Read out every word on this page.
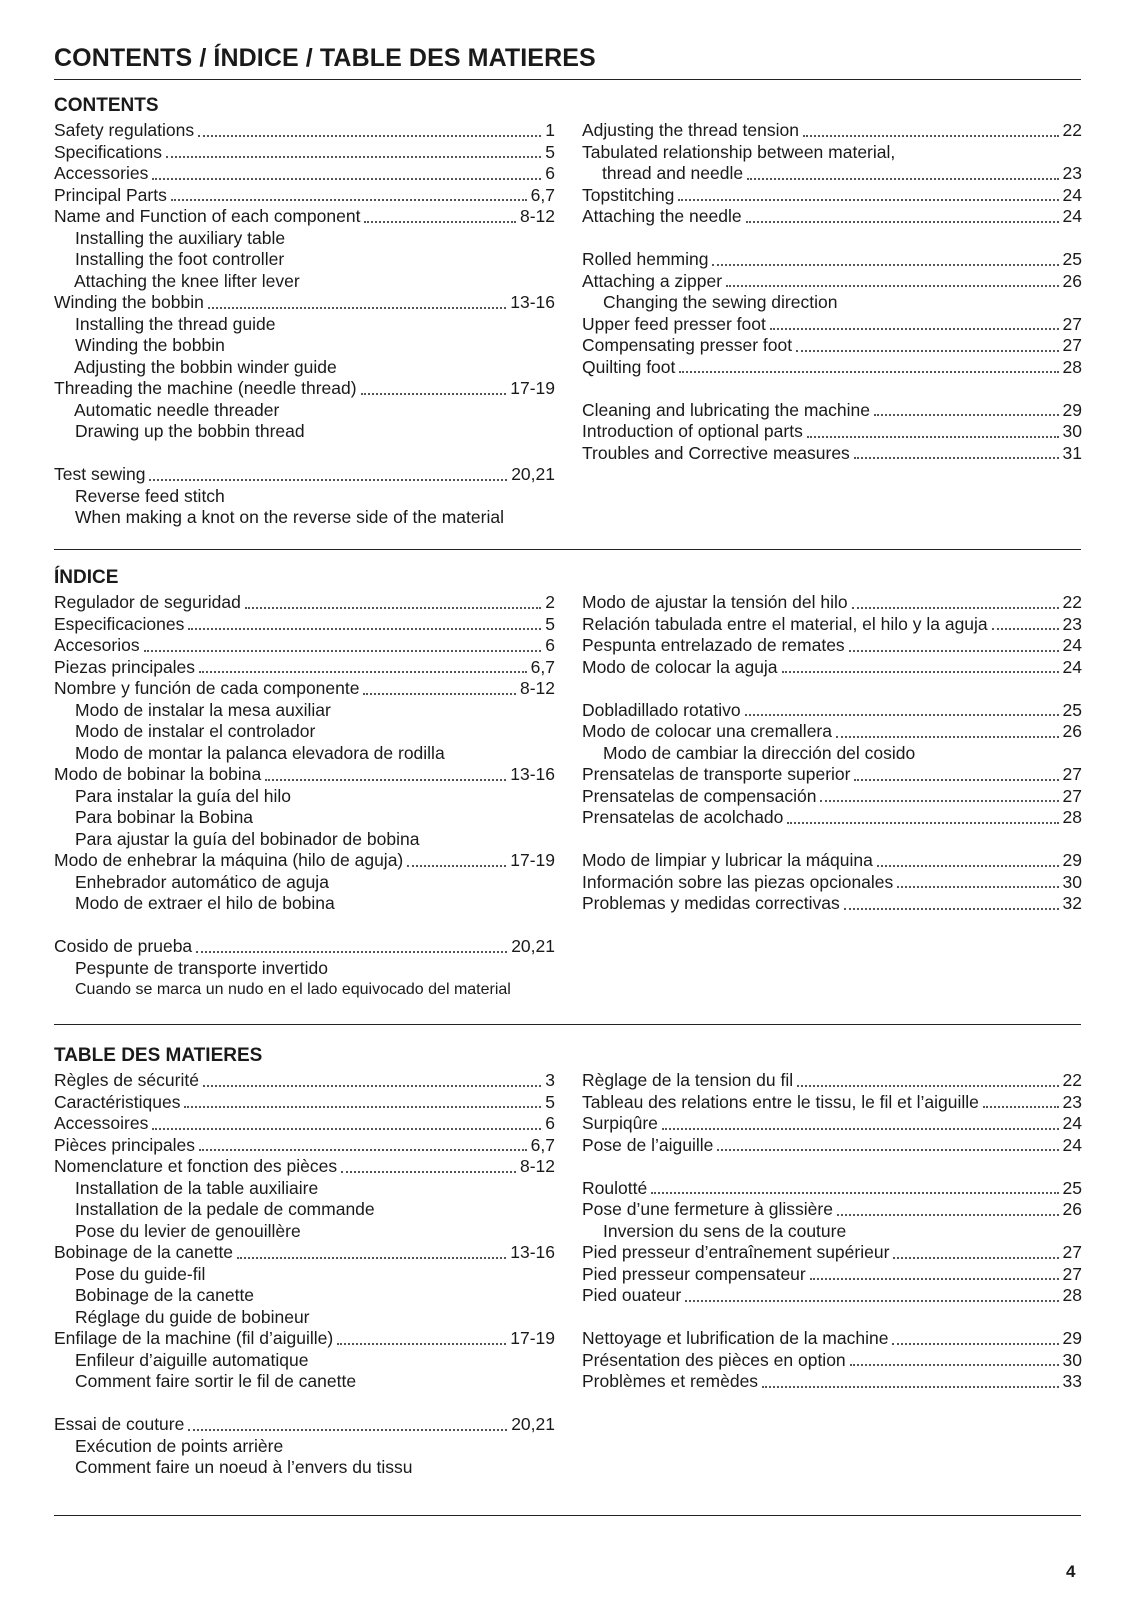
CONTENTS / ÍNDICE / TABLE DES MATIERES
CONTENTS
Safety regulations	1
Specifications	5
Accessories	6
Principal Parts	6,7
Name and Function of each component	8-12
Installing the auxiliary table
Installing the foot controller
Attaching the knee lifter lever
Winding the bobbin	13-16
Installing the thread guide
Winding the bobbin
Adjusting the bobbin winder guide
Threading the machine (needle thread)	17-19
Automatic needle threader
Drawing up the bobbin thread
Test sewing	20,21
Reverse feed stitch
When making a knot on the reverse side of the material
Adjusting the thread tension	22
Tabulated relationship between material,
thread and needle	23
Topstitching	24
Attaching the needle	24
Rolled hemming	25
Attaching a zipper	26
Changing the sewing direction
Upper feed presser foot	27
Compensating presser foot	27
Quilting foot	28
Cleaning and lubricating the machine	29
Introduction of optional parts	30
Troubles and Corrective measures	31
ÍNDICE
Regulador de seguridad	2
Especificaciones	5
Accesorios	6
Piezas principales	6,7
Nombre y función de cada componente	8-12
Modo de instalar la mesa auxiliar
Modo de instalar el controlador
Modo de montar la palanca elevadora de rodilla
Modo de bobinar la bobina	13-16
Para instalar la guía del hilo
Para bobinar la Bobina
Para ajustar la guía del bobinador de bobina
Modo de enhebrar la máquina (hilo de aguja)	17-19
Enhebrador automático de aguja
Modo de extraer el hilo de bobina
Cosido de prueba	20,21
Pespunte de transporte invertido
Cuando se marca un nudo en el lado equivocado del material
Modo de ajustar la tensión del hilo	22
Relación tabulada entre el material, el hilo y la aguja	23
Pespunta entrelazado de remates	24
Modo de colocar la aguja	24
Dobladillado rotativo	25
Modo de colocar una cremallera	26
Modo de cambiar la dirección del cosido
Prensatelas de transporte superior	27
Prensatelas de compensación	27
Prensatelas de acolchado	28
Modo de limpiar y lubricar la máquina	29
Información sobre las piezas opcionales	30
Problemas y medidas correctivas	32
TABLE DES MATIERES
Règles de sécurité	3
Caractéristiques	5
Accessoires	6
Pièces principales	6,7
Nomenclature et fonction des pièces	8-12
Installation de la table auxiliaire
Installation de la pedale de commande
Pose du levier de genouillère
Bobinage de la canette	13-16
Pose du guide-fil
Bobinage de la canette
Réglage du guide de bobineur
Enfilage de la machine (fil d’aiguille)	17-19
Enfileur d’aiguille automatique
Comment faire sortir le fil de canette
Essai de couture	20,21
Exécution de points arrière
Comment faire un noeud à l’envers du tissu
Règlage de la tension du fil	22
Tableau des relations entre le tissu, le fil et l’aiguille	23
Surpiqûre	24
Pose de l’aiguille	24
Roulotté	25
Pose d’une fermeture à glissière	26
Inversion du sens de la couture
Pied presseur d’entraînement supérieur	27
Pied presseur compensateur	27
Pied ouateur	28
Nettoyage et lubrification de la machine	29
Présentation des pièces en option	30
Problèmes et remèdes	33
4
